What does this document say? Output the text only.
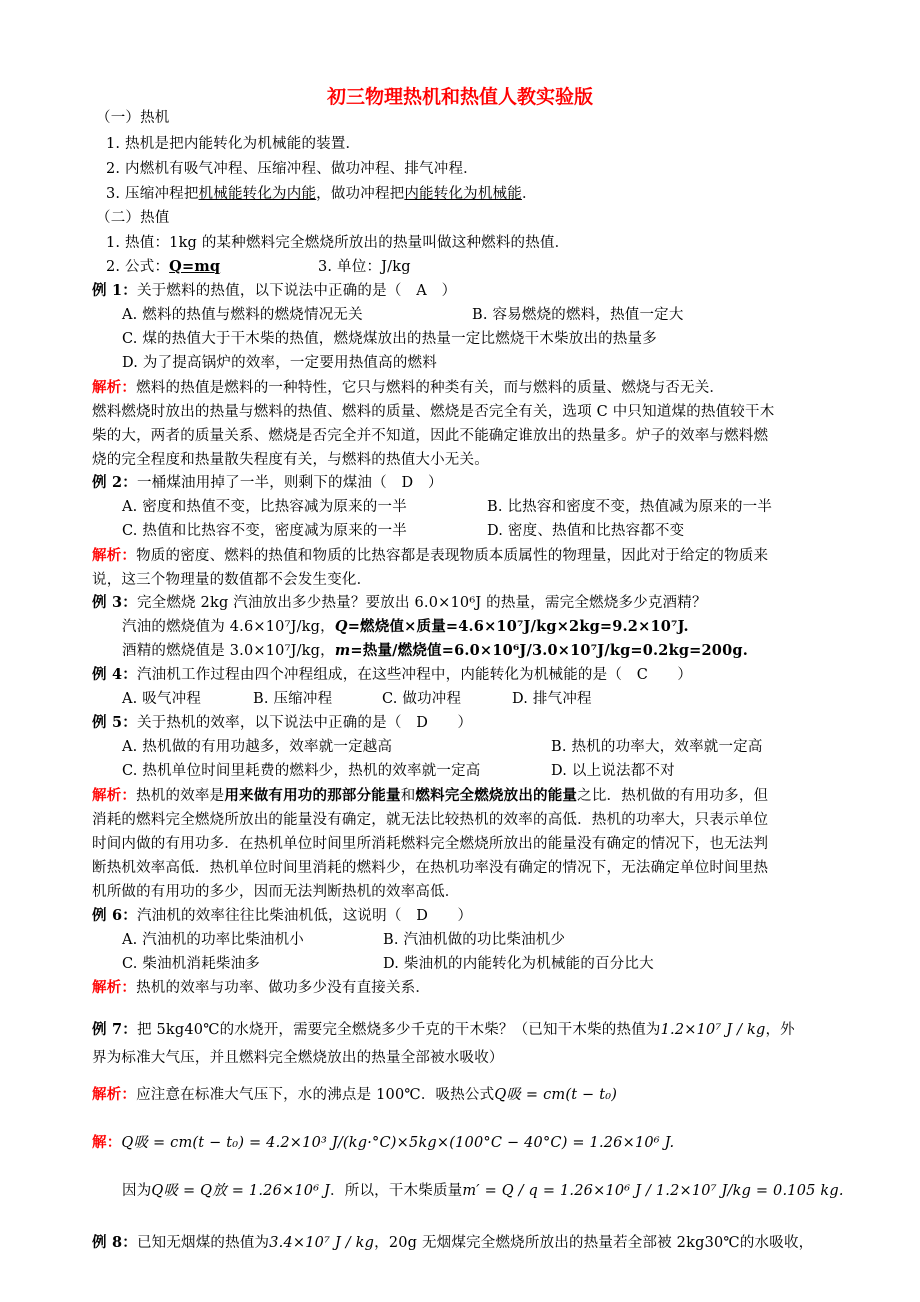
初三物理热机和热值人教实验版
（一）热机
1. 热机是把内能转化为机械能的装置．
2. 内燃机有吸气冲程、压缩冲程、做功冲程、排气冲程．
3. 压缩冲程把机械能转化为内能，做功冲程把内能转化为机械能．
（二）热值
1. 热值：1kg 的某种燃料完全燃烧所放出的热量叫做这种燃料的热值．
2. 公式：Q=mq	3. 单位：J/kg
例 1：关于燃料的热值，以下说法中正确的是（　A　）
A. 燃料的热值与燃料的燃烧情况无关	B. 容易燃烧的燃料，热值一定大
C. 煤的热值大于干木柴的热值，燃烧煤放出的热量一定比燃烧干木柴放出的热量多
D. 为了提高锅炉的效率，一定要用热值高的燃料
解析：燃料的热值是燃料的一种特性，它只与燃料的种类有关，而与燃料的质量、燃烧与否无关．
燃料燃烧时放出的热量与燃料的热值、燃料的质量、燃烧是否完全有关，选项 C 中只知道煤的热值较干木
柴的大，两者的质量关系、燃烧是否完全并不知道，因此不能确定谁放出的热量多。炉子的效率与燃料燃
烧的完全程度和热量散失程度有关，与燃料的热值大小无关。
例 2：一桶煤油用掉了一半，则剩下的煤油（　D　）
A. 密度和热值不变，比热容减为原来的一半	B. 比热容和密度不变，热值减为原来的一半
C. 热值和比热容不变，密度减为原来的一半	D. 密度、热值和比热容都不变
解析：物质的密度、燃料的热值和物质的比热容都是表现物质本质属性的物理量，因此对于给定的物质来
说，这三个物理量的数值都不会发生变化．
例 3：完全燃烧 2kg 汽油放出多少热量？要放出 6.0×10⁶J 的热量，需完全燃烧多少克酒精？
汽油的燃烧值为 4.6×10⁷J/kg，Q=燃烧值×质量=4.6×10⁷J/kg×2kg=9.2×10⁷J.
酒精的燃烧值是 3.0×10⁷J/kg，m=热量/燃烧值=6.0×10⁶J/3.0×10⁷J/kg=0.2kg=200g.
例 4：汽油机工作过程由四个冲程组成，在这些冲程中，内能转化为机械能的是（　C　　）
A. 吸气冲程	B. 压缩冲程	C. 做功冲程	D. 排气冲程
例 5：关于热机的效率，以下说法中正确的是（　D　　）
A. 热机做的有用功越多，效率就一定越高	B. 热机的功率大，效率就一定高
C. 热机单位时间里耗费的燃料少，热机的效率就一定高	D. 以上说法都不对
解析：热机的效率是用来做有用功的那部分能量和燃料完全燃烧放出的能量之比．热机做的有用功多，但
消耗的燃料完全燃烧所放出的能量没有确定，就无法比较热机的效率的高低．热机的功率大，只表示单位
时间内做的有用功多．在热机单位时间里所消耗燃料完全燃烧所放出的能量没有确定的情况下，也无法判
断热机效率高低．热机单位时间里消耗的燃料少，在热机功率没有确定的情况下，无法确定单位时间里热
机所做的有用功的多少，因而无法判断热机的效率高低．
例 6：汽油机的效率往往比柴油机低，这说明（　D　　）
A. 汽油机的功率比柴油机小	B. 汽油机做的功比柴油机少
C. 柴油机消耗柴油多	D. 柴油机的内能转化为机械能的百分比大
解析：热机的效率与功率、做功多少没有直接关系．
例 7：把 5kg40℃的水烧开，需要完全燃烧多少千克的干木柴？（已知干木柴的热值为1.2×10⁷ J / kg，外
界为标准大气压，并且燃料完全燃烧放出的热量全部被水吸收）
解析：应注意在标准大气压下，水的沸点是 100℃．吸热公式Q吸 = cm(t − t₀)
解：Q吸 = cm(t − t₀) = 4.2×10³ J/(kg·°C)×5kg×(100°C − 40°C) = 1.26×10⁶ J.
因为Q吸 = Q放 = 1.26×10⁶ J．所以，干木柴质量m′ = Q / q = 1.26×10⁶ J / 1.2×10⁷ J/kg = 0.105 kg.
例 8：已知无烟煤的热值为3.4×10⁷ J / kg，20g 无烟煤完全燃烧所放出的热量若全部被 2kg30℃的水吸收，
